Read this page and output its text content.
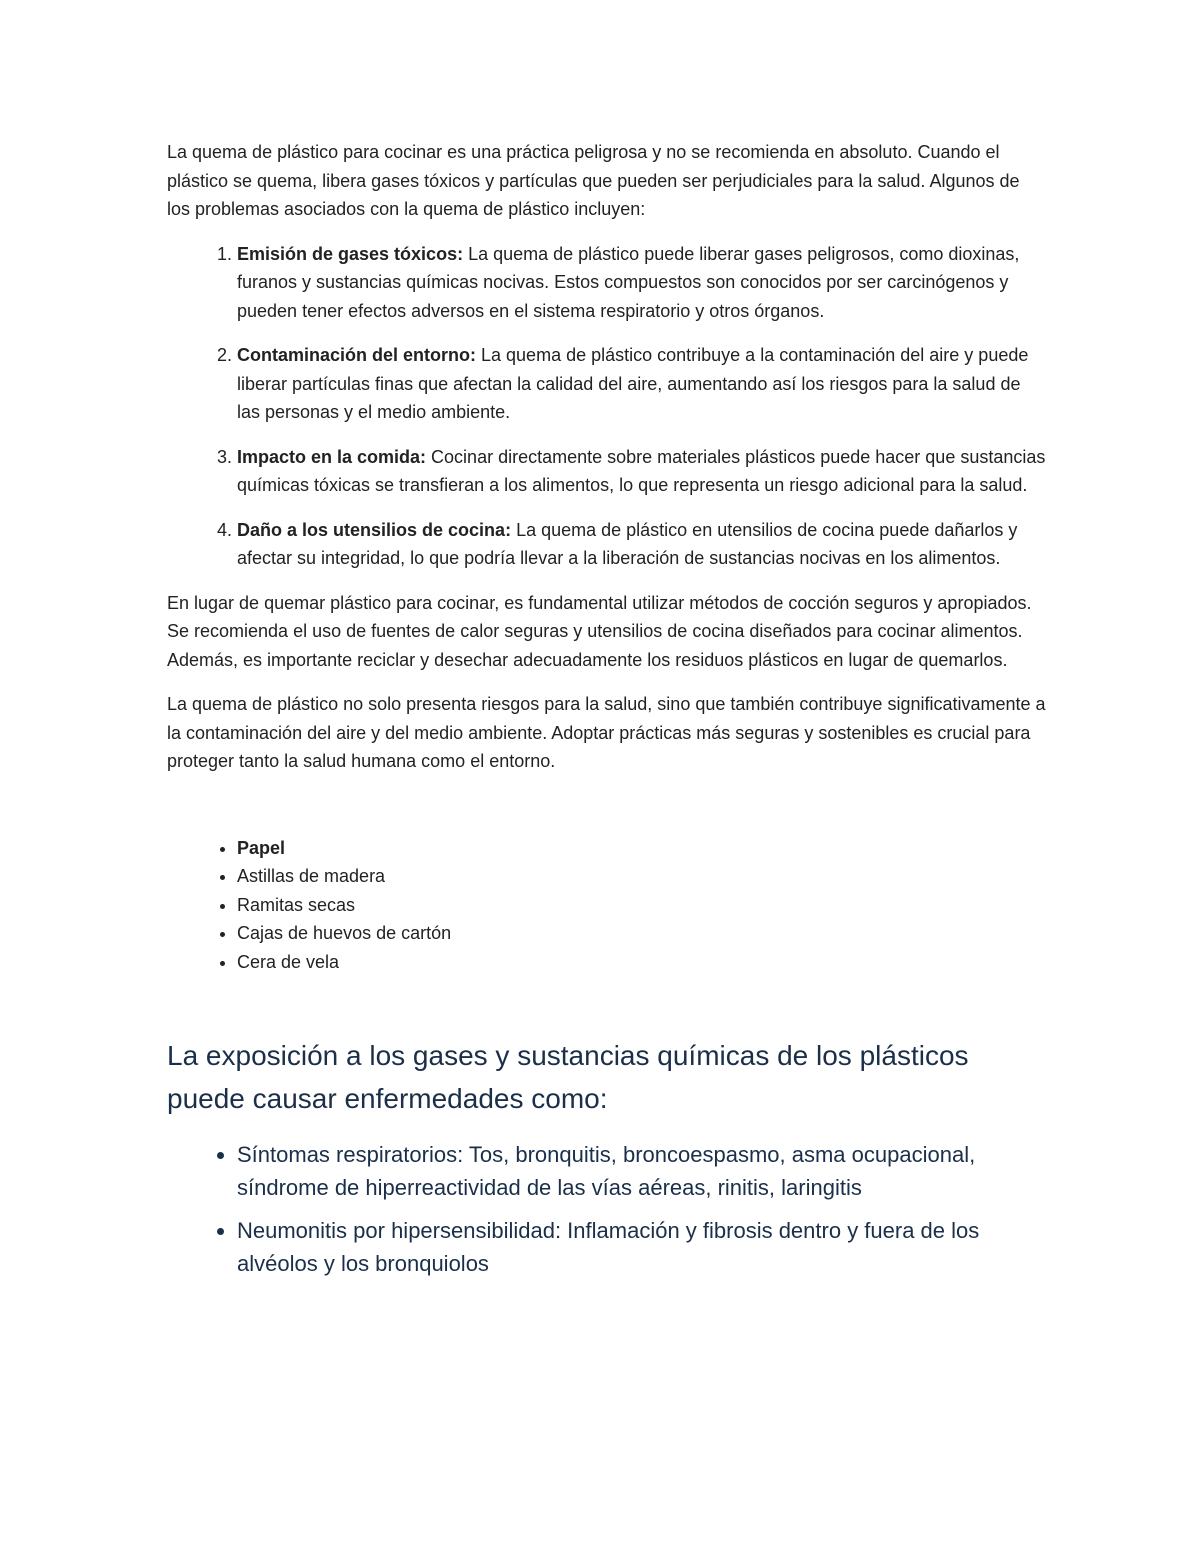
La quema de plástico para cocinar es una práctica peligrosa y no se recomienda en absoluto. Cuando el plástico se quema, libera gases tóxicos y partículas que pueden ser perjudiciales para la salud. Algunos de los problemas asociados con la quema de plástico incluyen:

1. Emisión de gases tóxicos: La quema de plástico puede liberar gases peligrosos, como dioxinas, furanos y sustancias químicas nocivas. Estos compuestos son conocidos por ser carcinógenos y pueden tener efectos adversos en el sistema respiratorio y otros órganos.
2. Contaminación del entorno: La quema de plástico contribuye a la contaminación del aire y puede liberar partículas finas que afectan la calidad del aire, aumentando así los riesgos para la salud de las personas y el medio ambiente.
3. Impacto en la comida: Cocinar directamente sobre materiales plásticos puede hacer que sustancias químicas tóxicas se transfieran a los alimentos, lo que representa un riesgo adicional para la salud.
4. Daño a los utensilios de cocina: La quema de plástico en utensilios de cocina puede dañarlos y afectar su integridad, lo que podría llevar a la liberación de sustancias nocivas en los alimentos.

En lugar de quemar plástico para cocinar, es fundamental utilizar métodos de cocción seguros y apropiados. Se recomienda el uso de fuentes de calor seguras y utensilios de cocina diseñados para cocinar alimentos. Además, es importante reciclar y desechar adecuadamente los residuos plásticos en lugar de quemarlos.

La quema de plástico no solo presenta riesgos para la salud, sino que también contribuye significativamente a la contaminación del aire y del medio ambiente. Adoptar prácticas más seguras y sostenibles es crucial para proteger tanto la salud humana como el entorno.

• Papel
• Astillas de madera
• Ramitas secas
• Cajas de huevos de cartón
• Cera de vela
La exposición a los gases y sustancias químicas de los plásticos puede causar enfermedades como:
• Síntomas respiratorios: Tos, bronquitis, broncoespasmo, asma ocupacional, síndrome de hiperreactividad de las vías aéreas, rinitis, laringitis
• Neumonitis por hipersensibilidad: Inflamación y fibrosis dentro y fuera de los alvéolos y los bronquiolos
